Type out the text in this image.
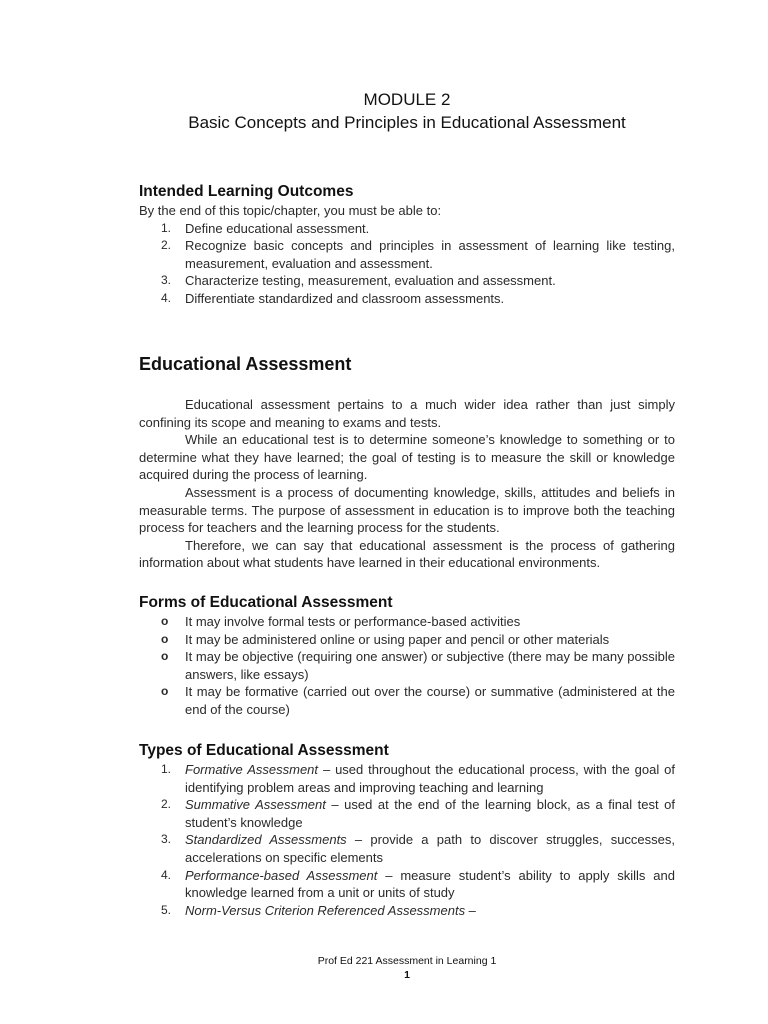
MODULE 2
Basic Concepts and Principles in Educational Assessment
Intended Learning Outcomes

By the end of this topic/chapter, you must be able to:

1.	Define educational assessment.
2.	Recognize basic concepts and principles in assessment of learning like testing, measurement, evaluation and assessment.
3.	Characterize testing, measurement, evaluation and assessment.
4.	Differentiate standardized and classroom assessments.
Educational Assessment

Educational assessment pertains to a much wider idea rather than just simply confining its scope and meaning to exams and tests.

While an educational test is to determine someone’s knowledge to something or to determine what they have learned; the goal of testing is to measure the skill or knowledge acquired during the process of learning.

Assessment is a process of documenting knowledge, skills, attitudes and beliefs in measurable terms. The purpose of assessment in education is to improve both the teaching process for teachers and the learning process for the students.

Therefore, we can say that educational assessment is the process of gathering information about what students have learned in their educational environments.

Forms of Educational Assessment
o It may involve formal tests or performance-based activities
o It may be administered online or using paper and pencil or other materials
o It may be objective (requiring one answer) or subjective (there may be many possible answers, like essays)
o It may be formative (carried out over the course) or summative (administered at the end of the course)
Types of Educational Assessment
1.	Formative Assessment – used throughout the educational process, with the goal of identifying problem areas and improving teaching and learning
2.	Summative Assessment – used at the end of the learning block, as a final test of student’s knowledge
3.	Standardized Assessments – provide a path to discover struggles, successes, accelerations on specific elements
4.	Performance-based Assessment – measure student’s ability to apply skills and knowledge learned from a unit or units of study
5.	Norm-Versus Criterion Referenced Assessments –
Prof Ed 221 Assessment in Learning 1
1
